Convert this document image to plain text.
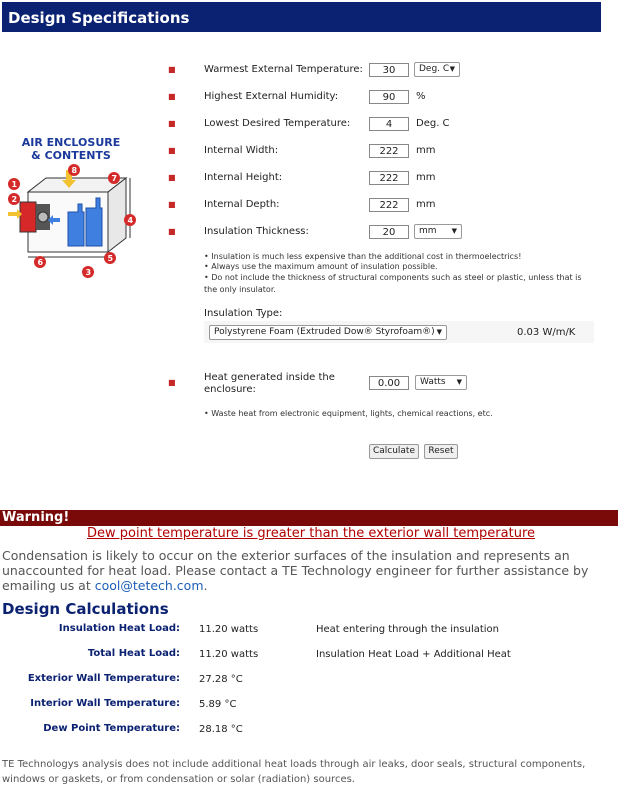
Design Specifications
AIR ENCLOSURE
& CONTENTS
1
2
3
4
5
6
7
8
■	Warmest External Temperature:	30	Deg. C ▼
■	Highest External Humidity:	90	%
■	Lowest Desired Temperature:	4	Deg. C
■	Internal Width:	222	mm
■	Internal Height:	222	mm
■	Internal Depth:	222	mm
■	Insulation Thickness:	20	mm ▼
• Insulation is much less expensive than the additional cost in thermoelectrics!
• Always use the maximum amount of insulation possible.
• Do not include the thickness of structural components such as steel or plastic, unless that is the only insulator.
Insulation Type:
Polystyrene Foam (Extruded Dow® Styrofoam®) ▼	0.03 W/m/K
■	Heat generated inside the
enclosure:
0.00	Watts ▼
• Waste heat from electronic equipment, lights, chemical reactions, etc.
Calculate	Reset
Warning!
Dew point temperature is greater than the exterior wall temperature
Condensation is likely to occur on the exterior surfaces of the insulation and represents an unaccounted for heat load. Please contact a TE Technology engineer for further assistance by emailing us at cool@tetech.com.
Design Calculations
Insulation Heat Load: 11.20 watts	Heat entering through the insulation
Total Heat Load: 11.20 watts	Insulation Heat Load + Additional Heat
Exterior Wall Temperature: 27.28 °C
Interior Wall Temperature: 5.89 °C
Dew Point Temperature: 28.18 °C
TE Technologys analysis does not include additional heat loads through air leaks, door seals, structural components, windows or gaskets, or from condensation or solar (radiation) sources.
